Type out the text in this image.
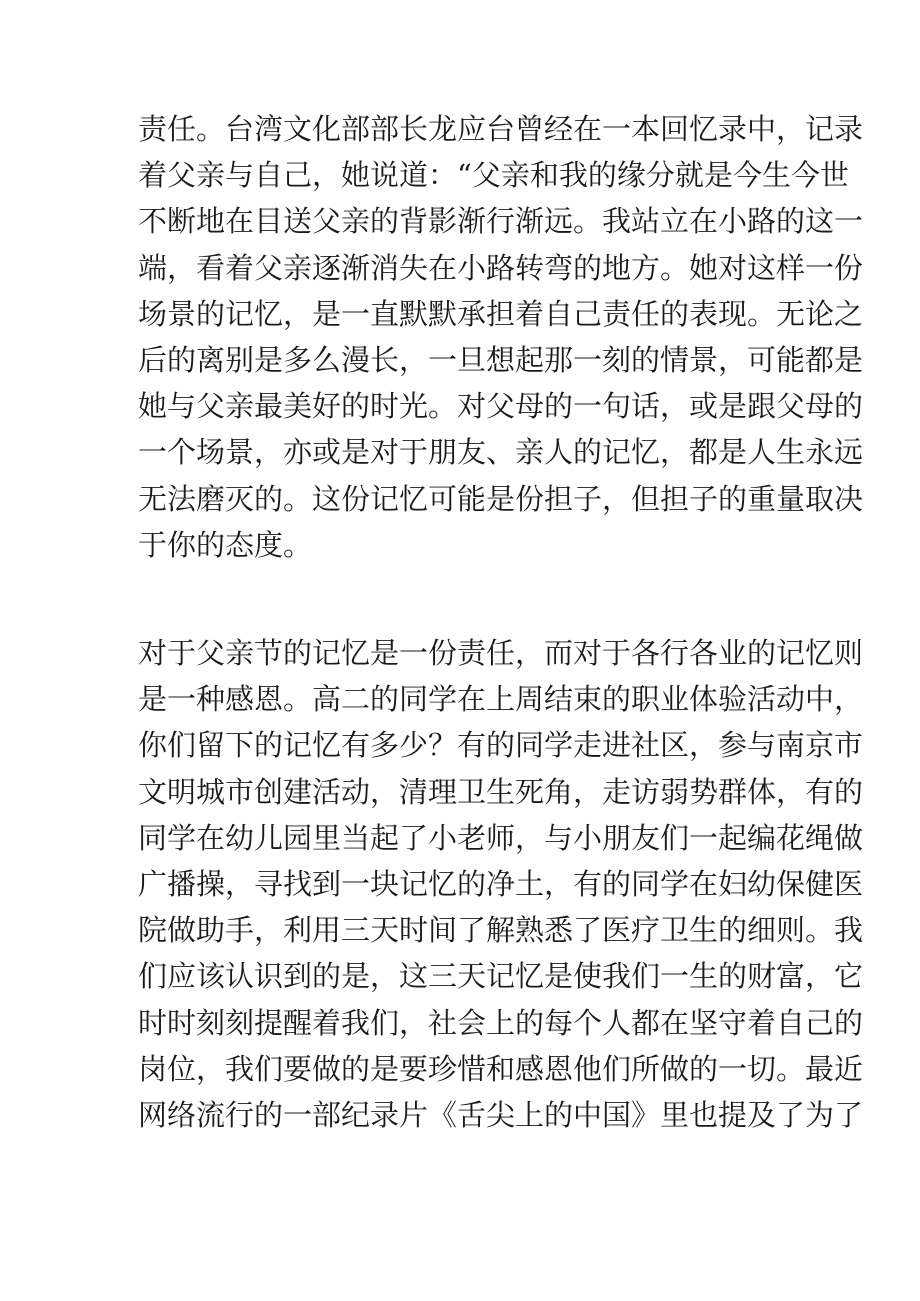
责任。台湾文化部部长龙应台曾经在一本回忆录中，记录
着父亲与自己，她说道：“父亲和我的缘分就是今生今世
不断地在目送父亲的背影渐行渐远。我站立在小路的这一
端，看着父亲逐渐消失在小路转弯的地方。她对这样一份
场景的记忆，是一直默默承担着自己责任的表现。无论之
后的离别是多么漫长，一旦想起那一刻的情景，可能都是
她与父亲最美好的时光。对父母的一句话，或是跟父母的
一个场景，亦或是对于朋友、亲人的记忆，都是人生永远
无法磨灭的。这份记忆可能是份担子，但担子的重量取决
于你的态度。
对于父亲节的记忆是一份责任，而对于各行各业的记忆则
是一种感恩。高二的同学在上周结束的职业体验活动中，
你们留下的记忆有多少？有的同学走进社区，参与南京市
文明城市创建活动，清理卫生死角，走访弱势群体，有的
同学在幼儿园里当起了小老师，与小朋友们一起编花绳做
广播操，寻找到一块记忆的净土，有的同学在妇幼保健医
院做助手，利用三天时间了解熟悉了医疗卫生的细则。我
们应该认识到的是，这三天记忆是使我们一生的财富，它
时时刻刻提醒着我们，社会上的每个人都在坚守着自己的
岗位，我们要做的是要珍惜和感恩他们所做的一切。最近
网络流行的一部纪录片《舌尖上的中国》里也提及了为了
